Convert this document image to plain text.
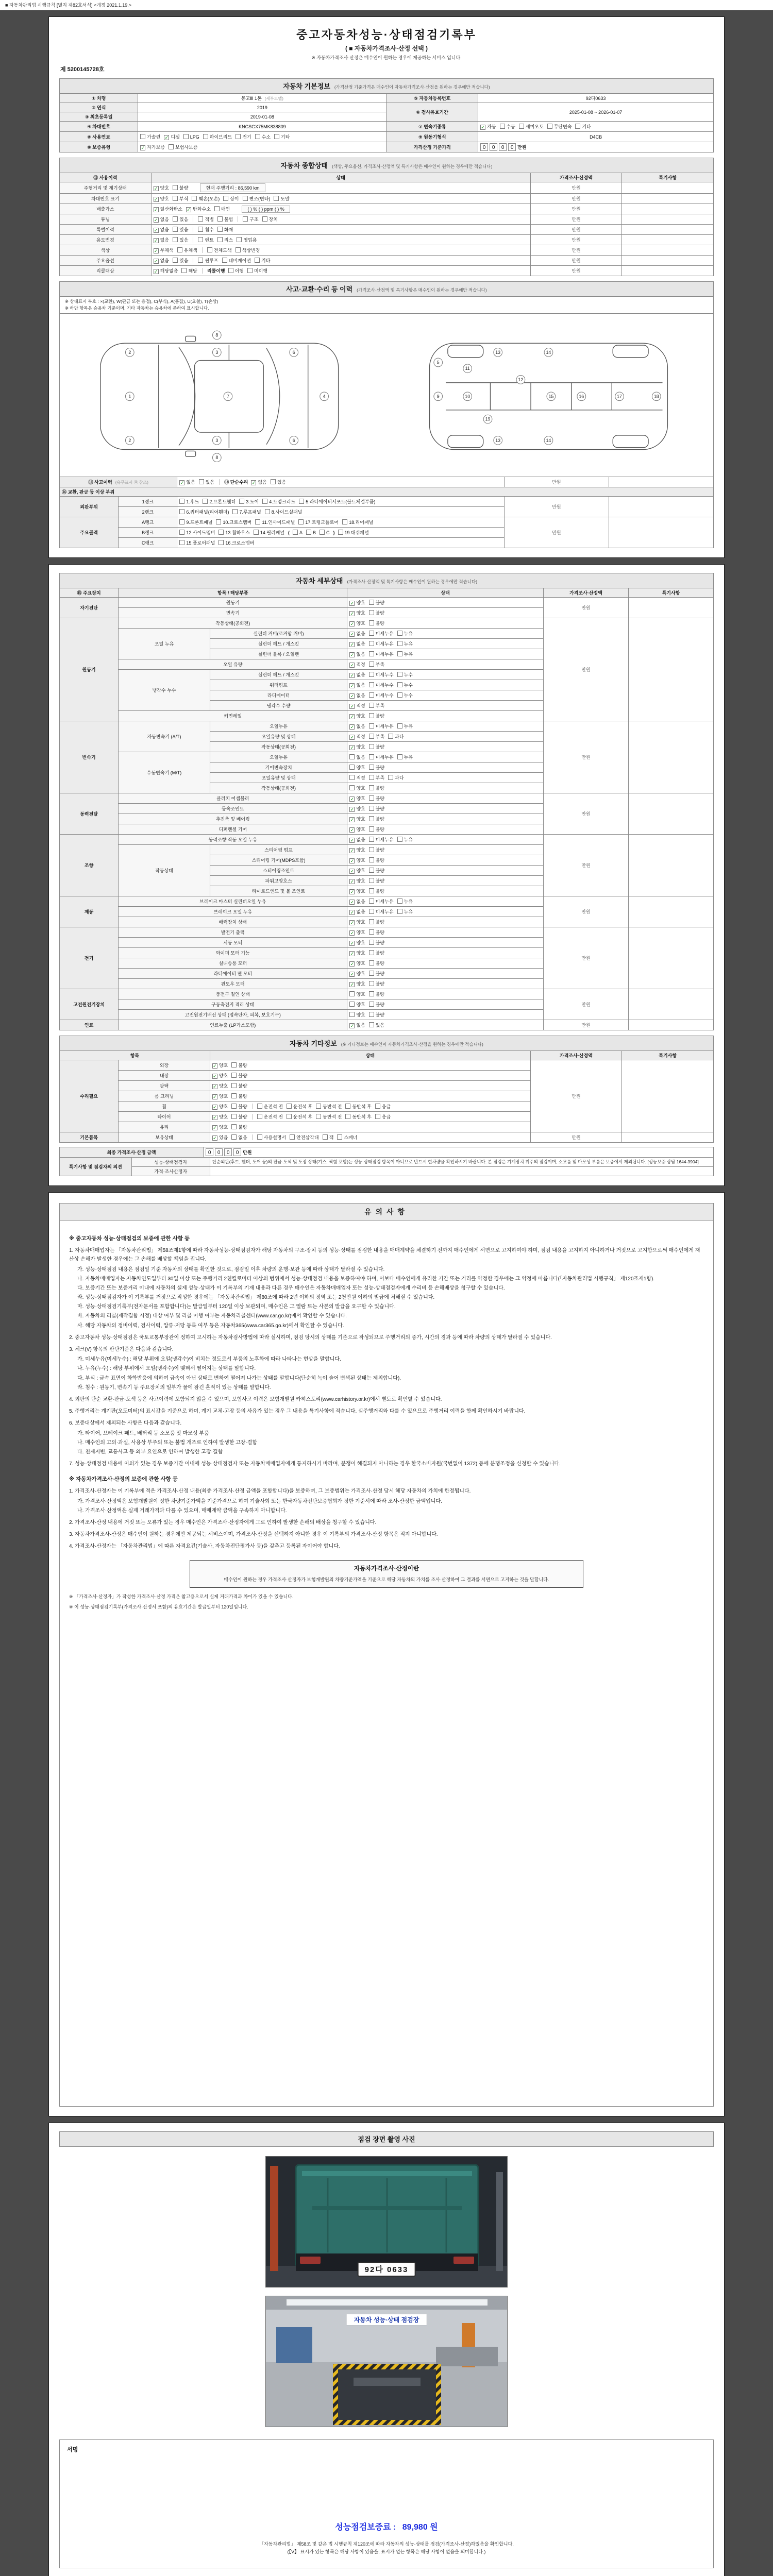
■ 자동차관리법 시행규칙 [별지 제82호서식] <개정 2021.1.19.>
중고자동차성능·상태점검기록부
( ■ 자동차가격조사·산정 선택 )
※ 자동차가격조사·산정은 매수인이 원하는 경우에 제공하는 서비스 입니다.
제 5200145728호
자동차 기본정보 (가격산정 기준가격은 매수인이 자동차가격조사·산정을 원하는 경우에만 적습니다)
① 차명	봉고Ⅲ 1톤 (세부모델)	⑤ 자동차등록번호	92다0633
② 연식	2019	⑥ 검사유효기간	2025-01-08 ~ 2026-01-07
③ 최초등록일	2019-01-08		
④ 차대번호	KNCSGX75MK838809	⑦ 변속기종류	✓ 자동 수동 세미오토 무단변속 기타
⑧ 사용연료	가솔린 ✓ 디젤 LPG 하이브리드 전기 수소 기타	⑨ 원동기형식	D4CB
⑩ 보증유형	✓ 자가보증 보험사보증	가격산정 기준가격	0 0 0 0 만원
자동차 종합상태 (색상, 주요옵션, 가격조사·산정액 및 특기사항은 매수인이 원하는 경우에만 적습니다)
⑪ 사용이력	상태	가격조사·산정액	특기사항
주행거리 및 계기상태	✓ 양호 불량 현재 주행거리 : 86,590 km	만원	
차대번호 표기	✓ 양호 부식 훼손(오손) 상이 변조(변타) 도말	만원	
배출가스	✓ 일산화탄소 ✓ 탄화수소 매연 ( ) % ( ) ppm ( ) %	만원	
튜닝	✓ 없음 있음 적법 불법 구조 장치	만원	
특별이력	✓ 없음 있음 침수 화재	만원	
용도변경	✓ 없음 있음 렌트 리스 영업용	만원	
색상	✓ 무채색 유채색 전체도색 색상변경	만원	
주요옵션	✓ 없음 있음 썬루프 네비게이션 기타	만원	
리콜대상	✓ 해당없음 해당 리콜이행 이행 미이행	만원	
사고·교환·수리 등 이력 (가격조사·산정액 및 특기사항은 매수인이 원하는 경우에만 적습니다)
※ 상태표시 부호 : ×(교환), W(판금 또는 용접), C(부식), A(흠집), U(요철), T(손상)
※ 하단 항목은 승용차 기준이며, 기타 자동차는 승용차에 준하여 표시합니다.
1
2
2
3
3
6
6
7	4
8
8
5
9	10
11
12
13
13
14
14
19
15	16	17	18
⑫ 사고이력 (유무표시 ⑭ 참조)		✓ 없음 있음 ⑬ 단순수리 ✓ 없음 있음	만원	
⑭ 교환, 판금 등 이상 부위				
외판부위	1랭크	1.후드 2.프론트휀더 3.도어 4.트렁크리드 5.라디에이터서포트(볼트체결부품)	만원	
	2랭크	6.쿼터패널(리어휀더) 7.루프패널 8.사이드실패널		
주요골격	A랭크	9.프론트패널 10.크로스멤버 11.인사이드패널 17.트렁크플로어 18.리어패널	만원	
	B랭크	12.사이드멤버 13.휠하우스 14.필러패널 ( A B C ) 19.대쉬패널		
	C랭크	15.플로어패널 16.크로스멤버		
자동차 세부상태 (가격조사·산정액 및 특기사항은 매수인이 원하는 경우에만 적습니다)
⑮ 주요장치	항목 / 해당부품		상태	가격조사·산정액	특기사항
자기진단	원동기		✓ 양호 불량	만원	
	변속기		✓ 양호 불량		
원동기	작동상태(공회전)		✓ 양호 불량	만원	
	오일 누유	실린더 커버(로커암 커버)	✓ 없음 미세누유 누유		
		실린더 헤드 / 개스킷	✓ 없음 미세누유 누유		
		실린더 블록 / 오일팬	✓ 없음 미세누유 누유		
	오일 유량		✓ 적정 부족		
	냉각수 누수	실린더 헤드 / 개스킷	✓ 없음 미세누수 누수		
		워터펌프	✓ 없음 미세누수 누수		
		라디에이터	✓ 없음 미세누수 누수		
		냉각수 수량	✓ 적정 부족		
	커먼레일		✓ 양호 불량		
변속기	자동변속기 (A/T)	오일누유	✓ 없음 미세누유 누유	만원	
		오일유량 및 상태	✓ 적정 부족 과다		
		작동상태(공회전)	✓ 양호 불량		
	수동변속기 (M/T)	오일누유	없음 미세누유 누유		
		기어변속장치	양호 불량		
		오일유량 및 상태	적정 부족 과다		
		작동상태(공회전)	양호 불량		
동력전달	클러치 어셈블리		✓ 양호 불량	만원	
	등속조인트		✓ 양호 불량		
	추진축 및 베어링		✓ 양호 불량		
	디퍼렌셜 기어		✓ 양호 불량		
조향	동력조향 작동 오일 누유		✓ 없음 미세누유 누유	만원	
	작동상태	스티어링 펌프	✓ 양호 불량		
		스티어링 기어(MDPS포함)	✓ 양호 불량		
		스티어링조인트	✓ 양호 불량		
		파워고압호스	✓ 양호 불량		
		타이로드엔드 및 볼 조인트	✓ 양호 불량		
제동	브레이크 마스터 실린더오일 누유		✓ 없음 미세누유 누유	만원	
	브레이크 오일 누유		✓ 없음 미세누유 누유		
	배력장치 상태		✓ 양호 불량		
전기	발전기 출력		✓ 양호 불량	만원	
	시동 모터		✓ 양호 불량		
	와이퍼 모터 기능		✓ 양호 불량		
	실내송풍 모터		✓ 양호 불량		
	라디에이터 팬 모터		✓ 양호 불량		
	윈도우 모터		✓ 양호 불량		
고전원전기장치	충전구 절연 상태		양호 불량	만원	
	구동축전지 격리 상태		양호 불량		
	고전원전기배선 상태 (접속단자, 피복, 보호기구)		양호 불량		
연료	연료누출 (LP가스포함)		✓ 없음 있음	만원	
자동차 기타정보 (※ 기타정보는 매수인이 자동차가격조사·산정을 원하는 경우에만 적습니다)
항목		상태	가격조사·산정액	특기사항
수리필요	외장	✓ 양호 불량	만원	
	내장	✓ 양호 불량		
	광택	✓ 양호 불량		
	룸 크리닝	✓ 양호 불량		
	휠	✓ 양호 불량 운전석 전 운전석 후 동반석 전 동반석 후 응급		
	타이어	✓ 양호 불량 운전석 전 운전석 후 동반석 전 동반석 후 응급		
	유리	✓ 양호 불량		
기본품목	보유상태	✓ 있음 없음 사용설명서 안전삼각대 잭 스패너	만원	
최종 가격조사·산정 금액	0 0 0 0 만원
특기사항 및 점검자의 의견	성능·상태점검자	단순외판(후드, 휀더, 도어 등)의 판금·도색 및 도장 상태(기스, 찍힘 포함)는 성능·상태점검 항목이 아니므로 반드시 현차량을 확인하시기 바랍니다. 본 점검은 기계장치 위주의 점검이며, 소모품 및 마모성 부품은 보증에서 제외됩니다. [성능보증 상담 1644-3904]
	가격·조사산정자	
유의사항
※ 중고자동차 성능·상태점검의 보증에 관한 사항 등
1. 자동차매매업자는 「자동차관리법」 제58조제1항에 따라 자동차성능·상태점검자가 해당 자동차의 구조·장치 등의 성능·상태를 점검한 내용을 매매계약을 체결하기 전까지 매수인에게 서면으로 고지하여야 하며, 점검 내용을 고지하지 아니하거나 거짓으로 고지함으로써 매수인에게 재산상 손해가 발생한 경우에는 그 손해를 배상할 책임을 집니다.
가. 성능·상태점검 내용은 점검일 기준 자동차의 상태를 확인한 것으로, 점검일 이후 차량의 운행·보관 등에 따라 상태가 달라질 수 있습니다.
나. 자동차매매업자는 자동차인도일부터 30일 이상 또는 주행거리 2천킬로미터 이상의 범위에서 성능·상태점검 내용을 보증하여야 하며, 이보다 매수인에게 유리한 기간 또는 거리를 약정한 경우에는 그 약정에 따릅니다(「자동차관리법 시행규칙」 제120조제1항).
다. 보증기간 또는 보증거리 이내에 자동차의 실제 성능·상태가 이 기록부의 기재 내용과 다른 경우 매수인은 자동차매매업자 또는 성능·상태점검자에게 수리비 등 손해배상을 청구할 수 있습니다.
라. 성능·상태점검자가 이 기록부를 거짓으로 작성한 경우에는 「자동차관리법」 제80조에 따라 2년 이하의 징역 또는 2천만원 이하의 벌금에 처해질 수 있습니다.
마. 성능·상태점검기록부(전자문서를 포함합니다)는 발급일부터 120일 이상 보관되며, 매수인은 그 열람 또는 사본의 발급을 요구할 수 있습니다.
바. 자동차의 리콜(제작결함 시정) 대상 여부 및 리콜 이행 여부는 자동차리콜센터(www.car.go.kr)에서 확인할 수 있습니다.
사. 해당 자동차의 정비이력, 검사이력, 압류·저당 등록 여부 등은 자동차365(www.car365.go.kr)에서 확인할 수 있습니다.
2. 중고자동차 성능·상태점검은 국토교통부장관이 정하여 고시하는 자동차검사방법에 따라 실시하며, 점검 당시의 상태를 기준으로 작성되므로 주행거리의 증가, 시간의 경과 등에 따라 차량의 상태가 달라질 수 있습니다.
3. 체크(V) 항목의 판단기준은 다음과 같습니다.
가. 미세누유(미세누수) : 해당 부위에 오일(냉각수)이 비치는 정도로서 부품의 노후화에 따라 나타나는 현상을 말합니다.
나. 누유(누수) : 해당 부위에서 오일(냉각수)이 맺혀서 떨어지는 상태를 말합니다.
다. 부식 : 금속 표면이 화학반응에 의하여 금속이 아닌 상태로 변하여 떨어져 나가는 상태를 말합니다(단순히 녹이 슬어 변색된 상태는 제외합니다).
라. 침수 : 원동기, 변속기 등 주요장치의 일부가 물에 잠긴 흔적이 있는 상태를 말합니다.
4. 외판의 단순 교환·판금·도색 등은 사고이력에 포함되지 않을 수 있으며, 보험사고 이력은 보험개발원 카히스토리(www.carhistory.or.kr)에서 별도로 확인할 수 있습니다.
5. 주행거리는 계기판(오도미터)의 표시값을 기준으로 하며, 계기 교체·고장 등의 사유가 있는 경우 그 내용을 특기사항에 적습니다. 실주행거리와 다를 수 있으므로 주행거리 이력을 함께 확인하시기 바랍니다.
6. 보증대상에서 제외되는 사항은 다음과 같습니다.
가. 타이어, 브레이크 패드, 배터리 등 소모품 및 마모성 부품
나. 매수인의 고의·과실, 사용상 부주의 또는 불법 개조로 인하여 발생한 고장·결함
다. 천재지변, 교통사고 등 외부 요인으로 인하여 발생한 고장·결함
7. 성능·상태점검 내용에 이의가 있는 경우 보증기간 이내에 성능·상태점검자 또는 자동차매매업자에게 통지하시기 바라며, 분쟁이 해결되지 아니하는 경우 한국소비자원(국번없이 1372) 등에 분쟁조정을 신청할 수 있습니다.
※ 자동차가격조사·산정의 보증에 관한 사항 등
1. 가격조사·산정자는 이 기록부에 적은 가격조사·산정 내용(최종 가격조사·산정 금액을 포함합니다)을 보증하며, 그 보증범위는 가격조사·산정 당시 해당 자동차의 가치에 한정됩니다.
가. 가격조사·산정액은 보험개발원이 정한 차량기준가액을 기준가격으로 하여 기술사회 또는 한국자동차진단보증협회가 정한 기준서에 따라 조사·산정한 금액입니다.
나. 가격조사·산정액은 실제 거래가격과 다를 수 있으며, 매매계약 금액을 구속하지 아니합니다.
2. 가격조사·산정 내용에 거짓 또는 오류가 있는 경우 매수인은 가격조사·산정자에게 그로 인하여 발생한 손해의 배상을 청구할 수 있습니다.
3. 자동차가격조사·산정은 매수인이 원하는 경우에만 제공되는 서비스이며, 가격조사·산정을 선택하지 아니한 경우 이 기록부의 가격조사·산정 항목은 적지 아니합니다.
4. 가격조사·산정자는 「자동차관리법」에 따른 자격요건(기술사, 자동차진단평가사 등)을 갖추고 등록된 자이어야 합니다.
자동차가격조사·산정이란
매수인이 원하는 경우 가격조사·산정자가 보험개발원의 차량기준가액을 기준으로 해당 자동차의 가치를 조사·산정하여 그 결과를 서면으로 고지하는 것을 말합니다.
※ 「가격조사·산정자」가 작성한 가격조사·산정 가격은 참고용으로서 실제 거래가격과 차이가 있을 수 있습니다.
※ 이 성능·상태점검기록부(가격조사·산정서 포함)의 유효기간은 발급일부터 120일입니다.
점검 장면 촬영 사진
92다 0633
자동차 성능·상태 점검장
서명
성능점검보증료 : 89,980 원
「자동차관리법」 제58조 및 같은 법 시행규칙 제120조에 따라 자동차의 성능·상태를 점검(가격조사·산정)하였음을 확인합니다.
(【V】 표시가 있는 항목은 해당 사항이 있음을, 표시가 없는 항목은 해당 사항이 없음을 의미합니다.)
